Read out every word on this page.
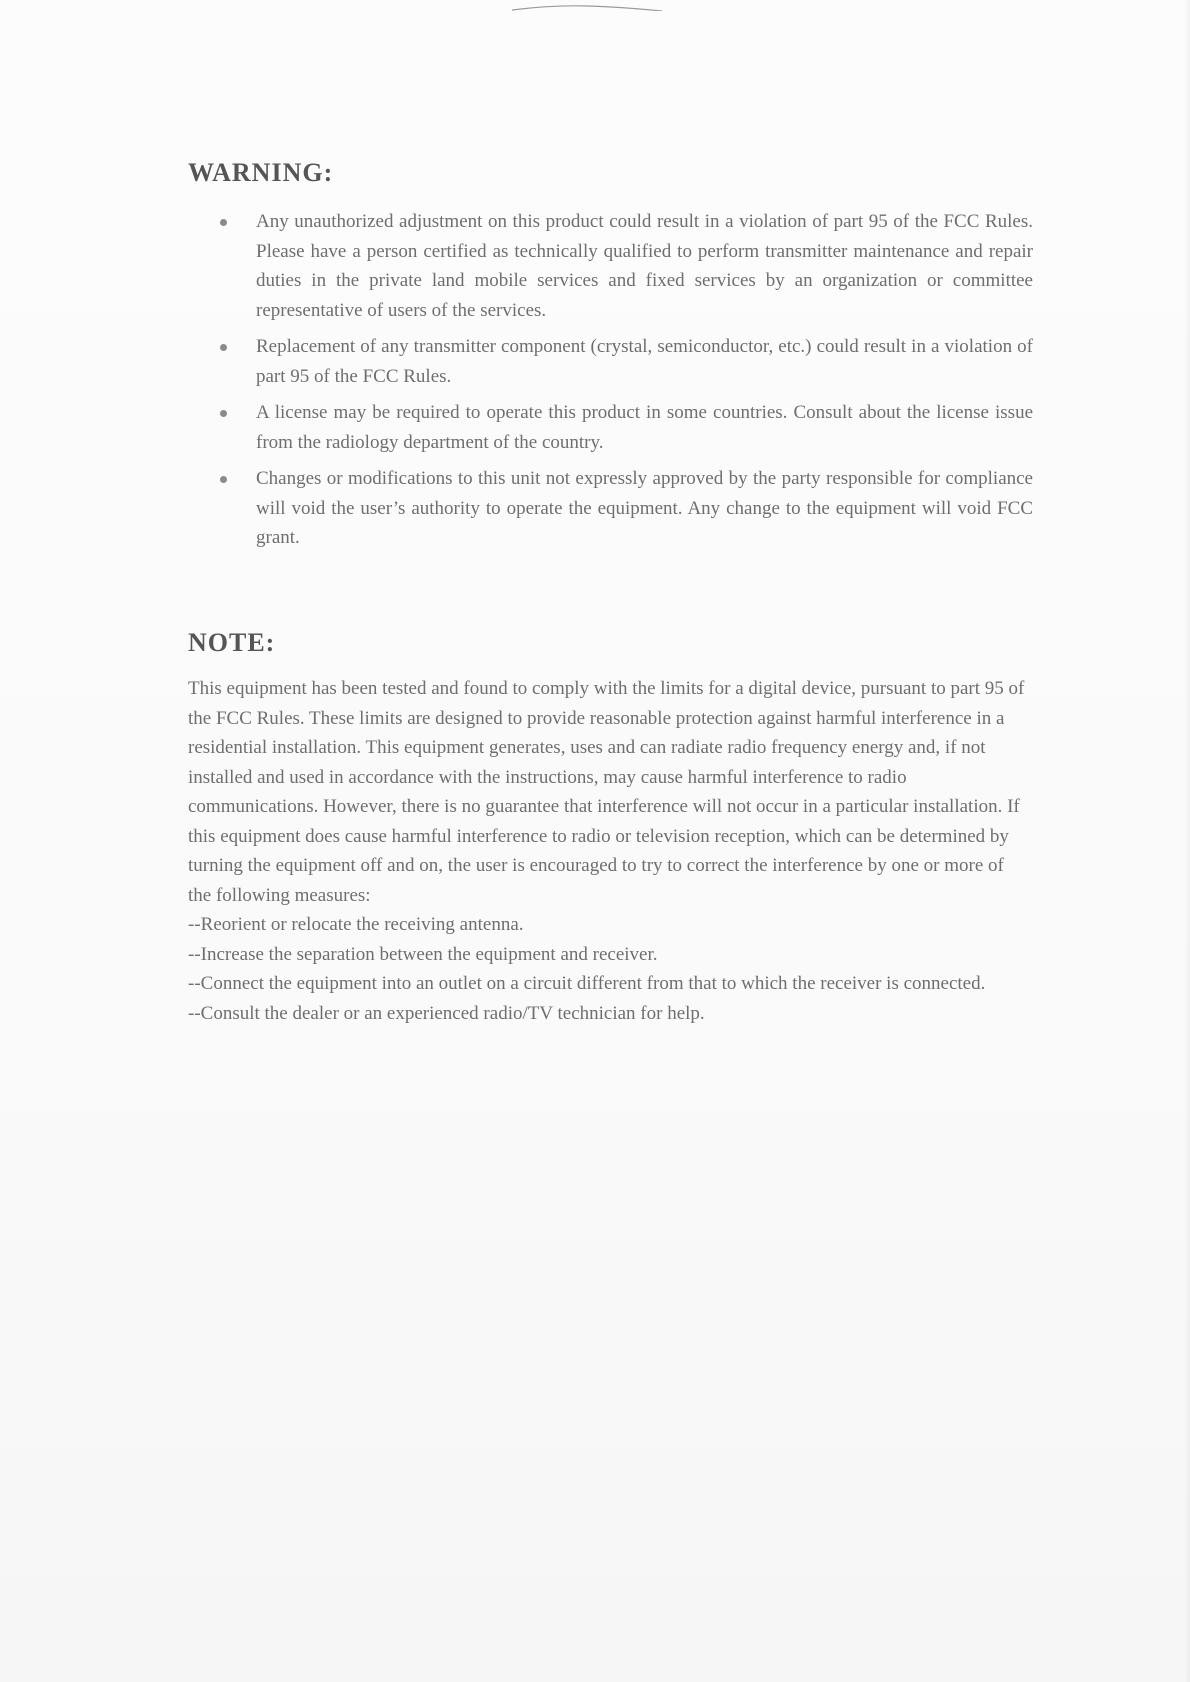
WARNING:
Any unauthorized adjustment on this product could result in a violation of part 95 of the FCC Rules. Please have a person certified as technically qualified to perform transmitter maintenance and repair duties in the private land mobile services and fixed services by an organization or committee representative of users of the services.
Replacement of any transmitter component (crystal, semiconductor, etc.) could result in a violation of part 95 of the FCC Rules.
A license may be required to operate this product in some countries. Consult about the license issue from the radiology department of the country.
Changes or modifications to this unit not expressly approved by the party responsible for compliance will void the user’s authority to operate the equipment. Any change to the equipment will void FCC grant.
NOTE:

This equipment has been tested and found to comply with the limits for a digital device, pursuant to part 95 of the FCC Rules. These limits are designed to provide reasonable protection against harmful interference in a residential installation. This equipment generates, uses and can radiate radio frequency energy and, if not installed and used in accordance with the instructions, may cause harmful interference to radio communications. However, there is no guarantee that interference will not occur in a particular installation. If this equipment does cause harmful interference to radio or television reception, which can be determined by turning the equipment off and on, the user is encouraged to try to correct the interference by one or more of the following measures:

--Reorient or relocate the receiving antenna.

--Increase the separation between the equipment and receiver.

--Connect the equipment into an outlet on a circuit different from that to which the receiver is connected.

--Consult the dealer or an experienced radio/TV technician for help.
